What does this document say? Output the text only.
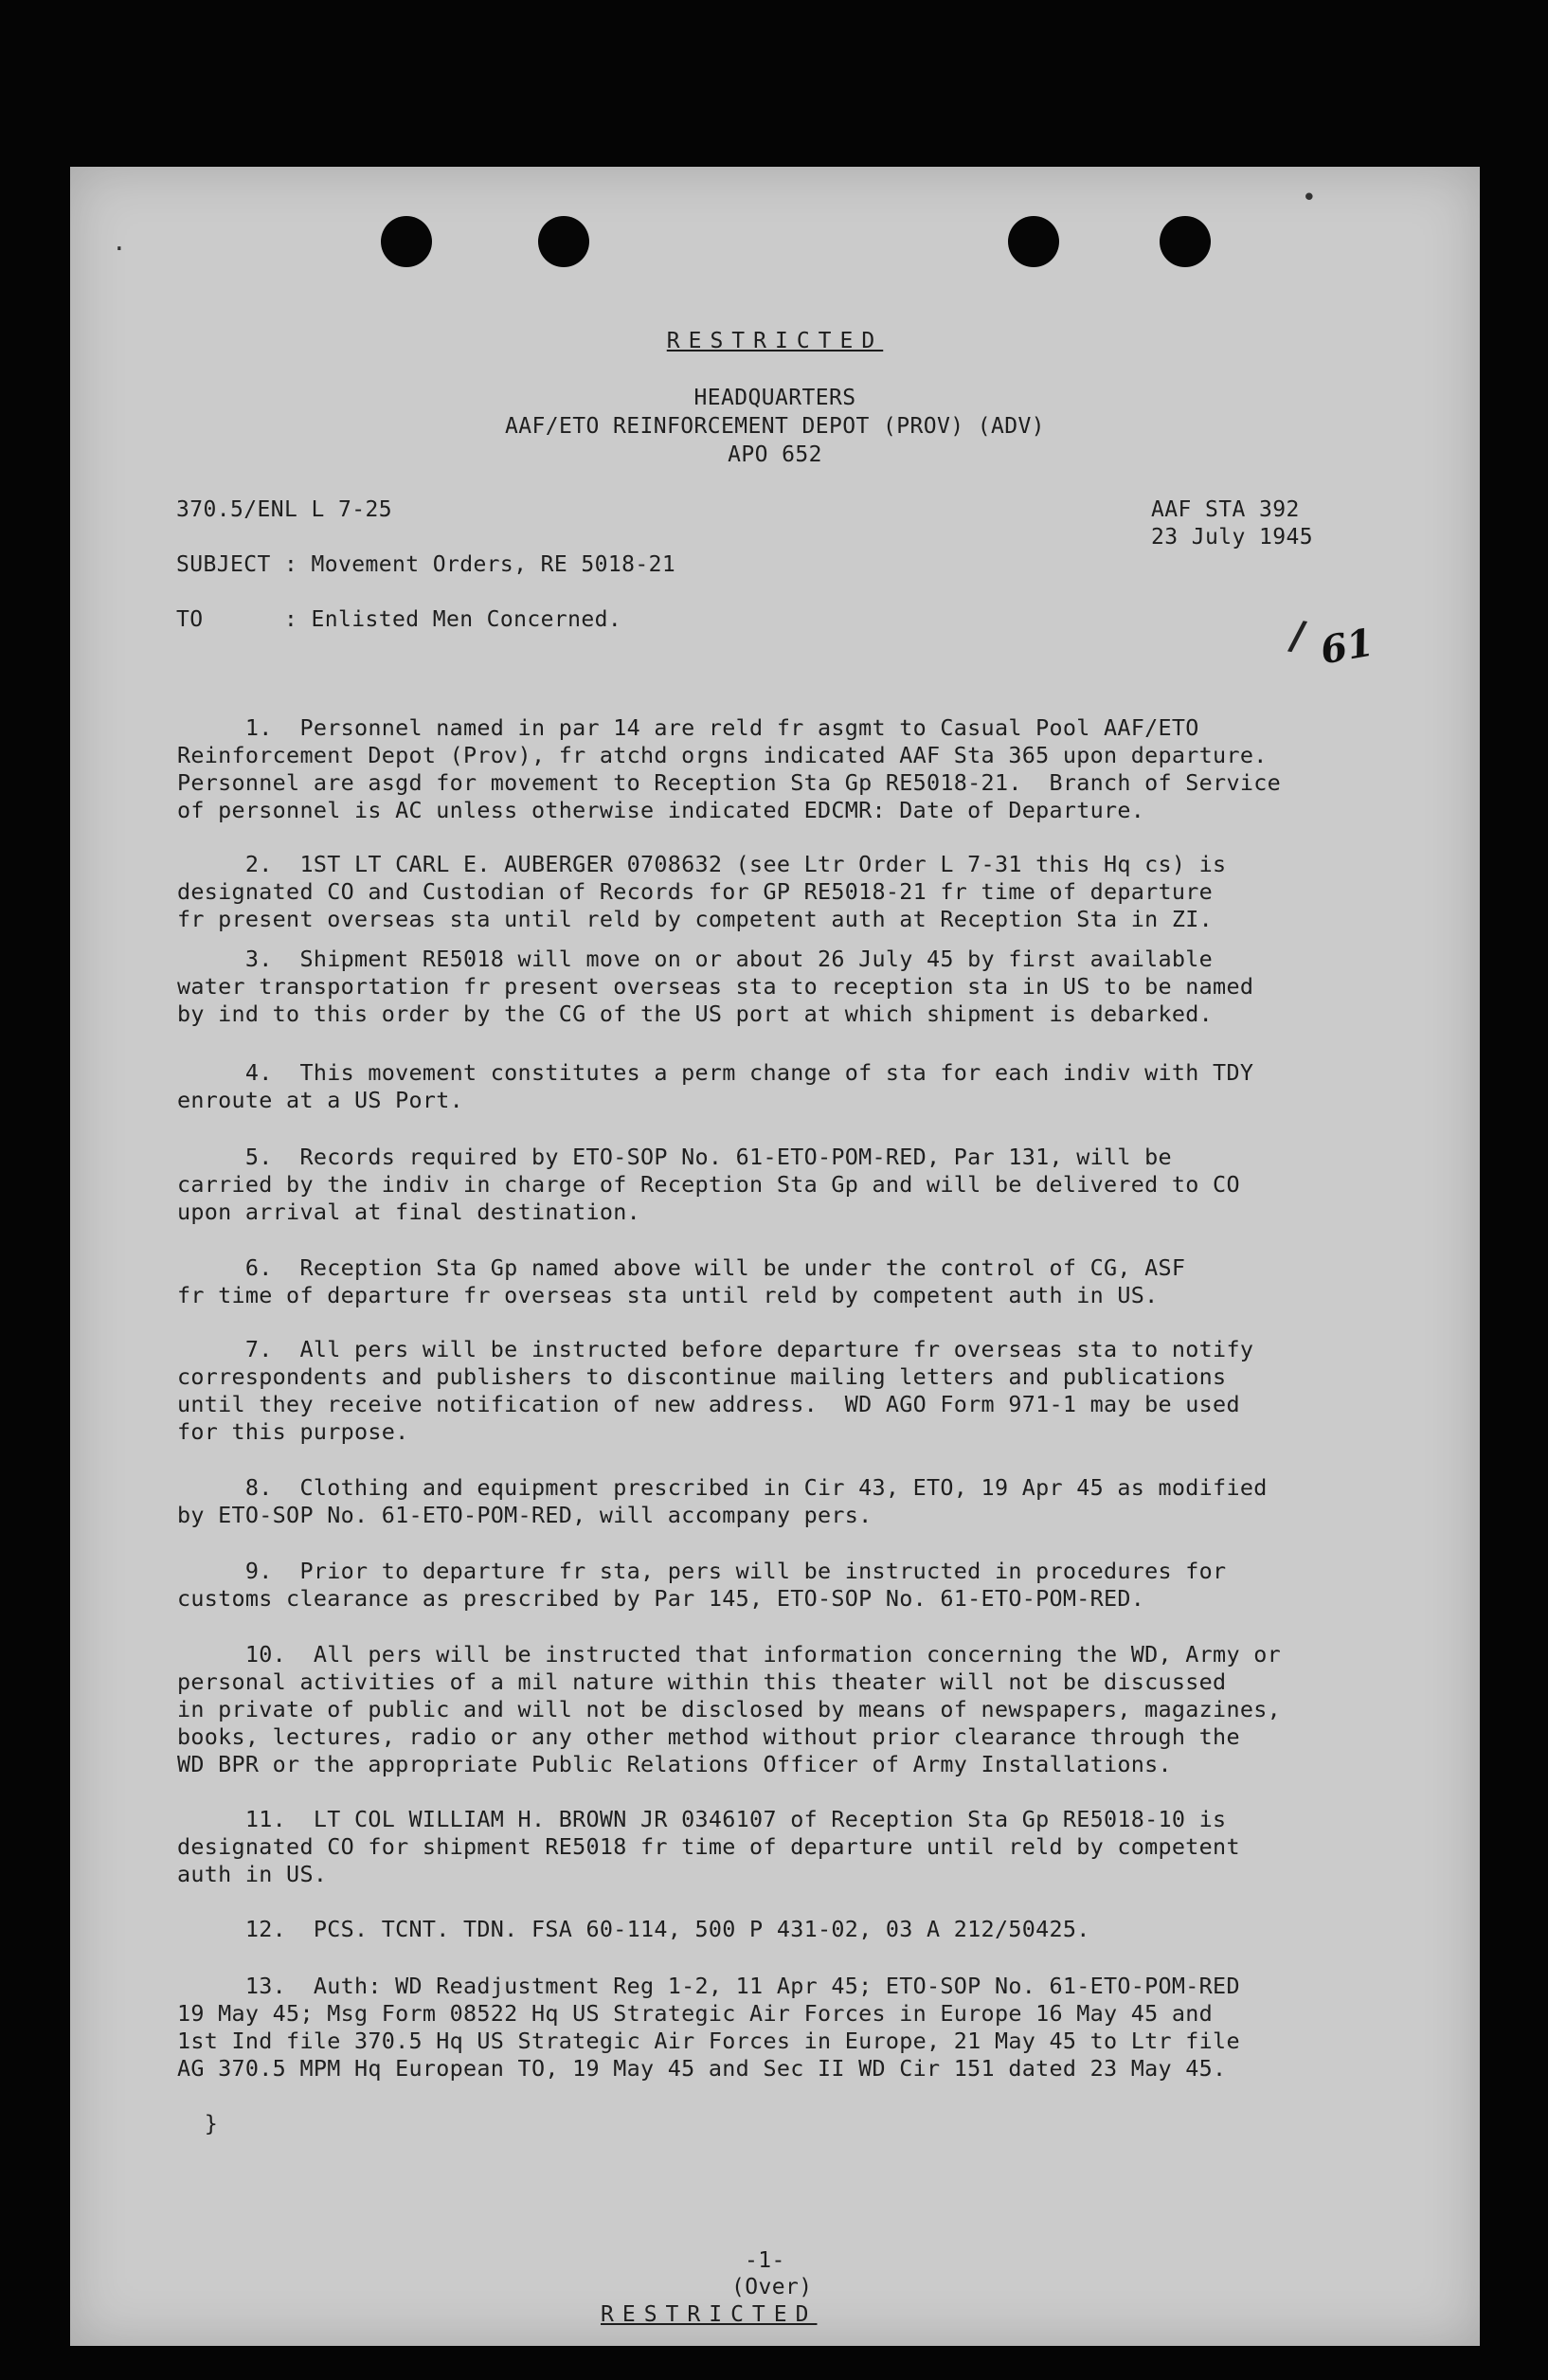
•
·
RESTRICTED
HEADQUARTERS
AAF/ETO REINFORCEMENT DEPOT (PROV) (ADV)
APO 652
370.5/ENL L 7-25	AAF STA 392
23 July 1945
SUBJECT : Movement Orders, RE 5018-21
TO      : Enlisted Men Concerned.	/ 61

1.  Personnel named in par 14 are reld fr asgmt to Casual Pool AAF/ETO
Reinforcement Depot (Prov), fr atchd orgns indicated AAF Sta 365 upon departure.
Personnel are asgd for movement to Reception Sta Gp RE5018-21.  Branch of Service
of personnel is AC unless otherwise indicated EDCMR: Date of Departure.

2.  1ST LT CARL E. AUBERGER 0708632 (see Ltr Order L 7-31 this Hq cs) is
designated CO and Custodian of Records for GP RE5018-21 fr time of departure
fr present overseas sta until reld by competent auth at Reception Sta in ZI.

3.  Shipment RE5018 will move on or about 26 July 45 by first available
water transportation fr present overseas sta to reception sta in US to be named
by ind to this order by the CG of the US port at which shipment is debarked.

4.  This movement constitutes a perm change of sta for each indiv with TDY
enroute at a US Port.

5.  Records required by ETO-SOP No. 61-ETO-POM-RED, Par 131, will be
carried by the indiv in charge of Reception Sta Gp and will be delivered to CO
upon arrival at final destination.

6.  Reception Sta Gp named above will be under the control of CG, ASF
fr time of departure fr overseas sta until reld by competent auth in US.

7.  All pers will be instructed before departure fr overseas sta to notify
correspondents and publishers to discontinue mailing letters and publications
until they receive notification of new address.  WD AGO Form 971-1 may be used
for this purpose.

8.  Clothing and equipment prescribed in Cir 43, ETO, 19 Apr 45 as modified
by ETO-SOP No. 61-ETO-POM-RED, will accompany pers.

9.  Prior to departure fr sta, pers will be instructed in procedures for
customs clearance as prescribed by Par 145, ETO-SOP No. 61-ETO-POM-RED.

10.  All pers will be instructed that information concerning the WD, Army or
personal activities of a mil nature within this theater will not be discussed
in private of public and will not be disclosed by means of newspapers, magazines,
books, lectures, radio or any other method without prior clearance through the
WD BPR or the appropriate Public Relations Officer of Army Installations.

11.  LT COL WILLIAM H. BROWN JR 0346107 of Reception Sta Gp RE5018-10 is
designated CO for shipment RE5018 fr time of departure until reld by competent
auth in US.

12.  PCS. TCNT. TDN. FSA 60-114, 500 P 431-02, 03 A 212/50425.

13.  Auth: WD Readjustment Reg 1-2, 11 Apr 45; ETO-SOP No. 61-ETO-POM-RED
19 May 45; Msg Form 08522 Hq US Strategic Air Forces in Europe 16 May 45 and
1st Ind file 370.5 Hq US Strategic Air Forces in Europe, 21 May 45 to Ltr file
AG 370.5 MPM Hq European TO, 19 May 45 and Sec II WD Cir 151 dated 23 May 45.

}

-1-
(Over)
RESTRICTED
